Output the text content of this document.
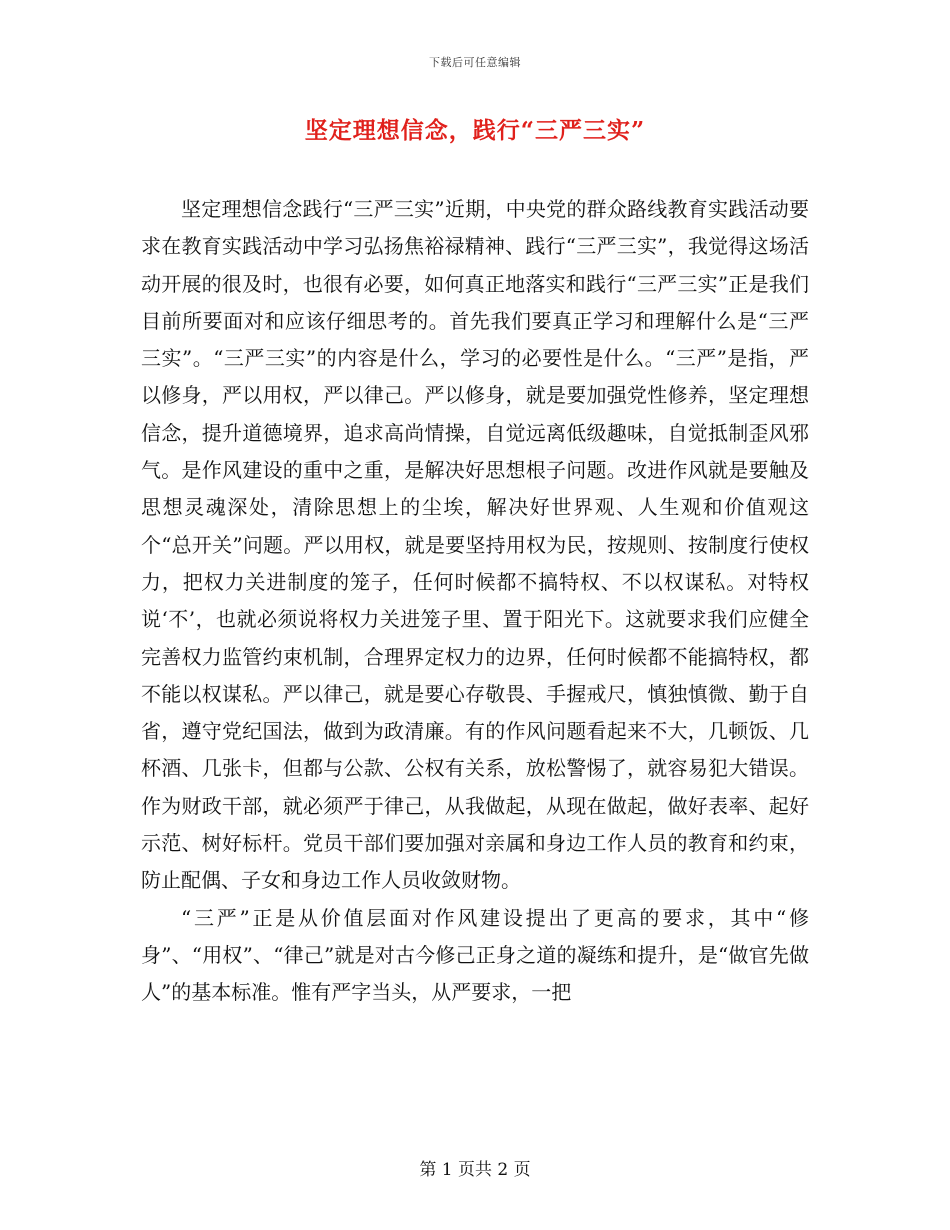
下载后可任意编辑
坚定理想信念，践行“三严三实”

坚定理想信念践行“三严三实”近期，中央党的群众路线教育实践活动要求在教育实践活动中学习弘扬焦裕禄精神、践行“三严三实”，我觉得这场活动开展的很及时，也很有必要，如何真正地落实和践行“三严三实”正是我们目前所要面对和应该仔细思考的。首先我们要真正学习和理解什么是“三严三实”。“三严三实”的内容是什么，学习的必要性是什么。“三严”是指，严以修身，严以用权，严以律己。严以修身，就是要加强党性修养，坚定理想信念，提升道德境界，追求高尚情操，自觉远离低级趣味，自觉抵制歪风邪气。是作风建设的重中之重，是解决好思想根子问题。改进作风就是要触及思想灵魂深处，清除思想上的尘埃，解决好世界观、人生观和价值观这个“总开关”问题。严以用权，就是要坚持用权为民，按规则、按制度行使权力，把权力关进制度的笼子，任何时候都不搞特权、不以权谋私。对特权说‘不’，也就必须说将权力关进笼子里、置于阳光下。这就要求我们应健全完善权力监管约束机制，合理界定权力的边界，任何时候都不能搞特权，都不能以权谋私。严以律己，就是要心存敬畏、手握戒尺，慎独慎微、勤于自省，遵守党纪国法，做到为政清廉。有的作风问题看起来不大，几顿饭、几杯酒、几张卡，但都与公款、公权有关系，放松警惕了，就容易犯大错误。作为财政干部，就必须严于律己，从我做起，从现在做起，做好表率、起好示范、树好标杆。党员干部们要加强对亲属和身边工作人员的教育和约束，防止配偶、子女和身边工作人员收敛财物。

“三严”正是从价值层面对作风建设提出了更高的要求，其中“修身”、“用权”、“律己”就是对古今修己正身之道的凝练和提升，是“做官先做人”的基本标准。惟有严字当头，从严要求，一把

第 1 页共 2 页
